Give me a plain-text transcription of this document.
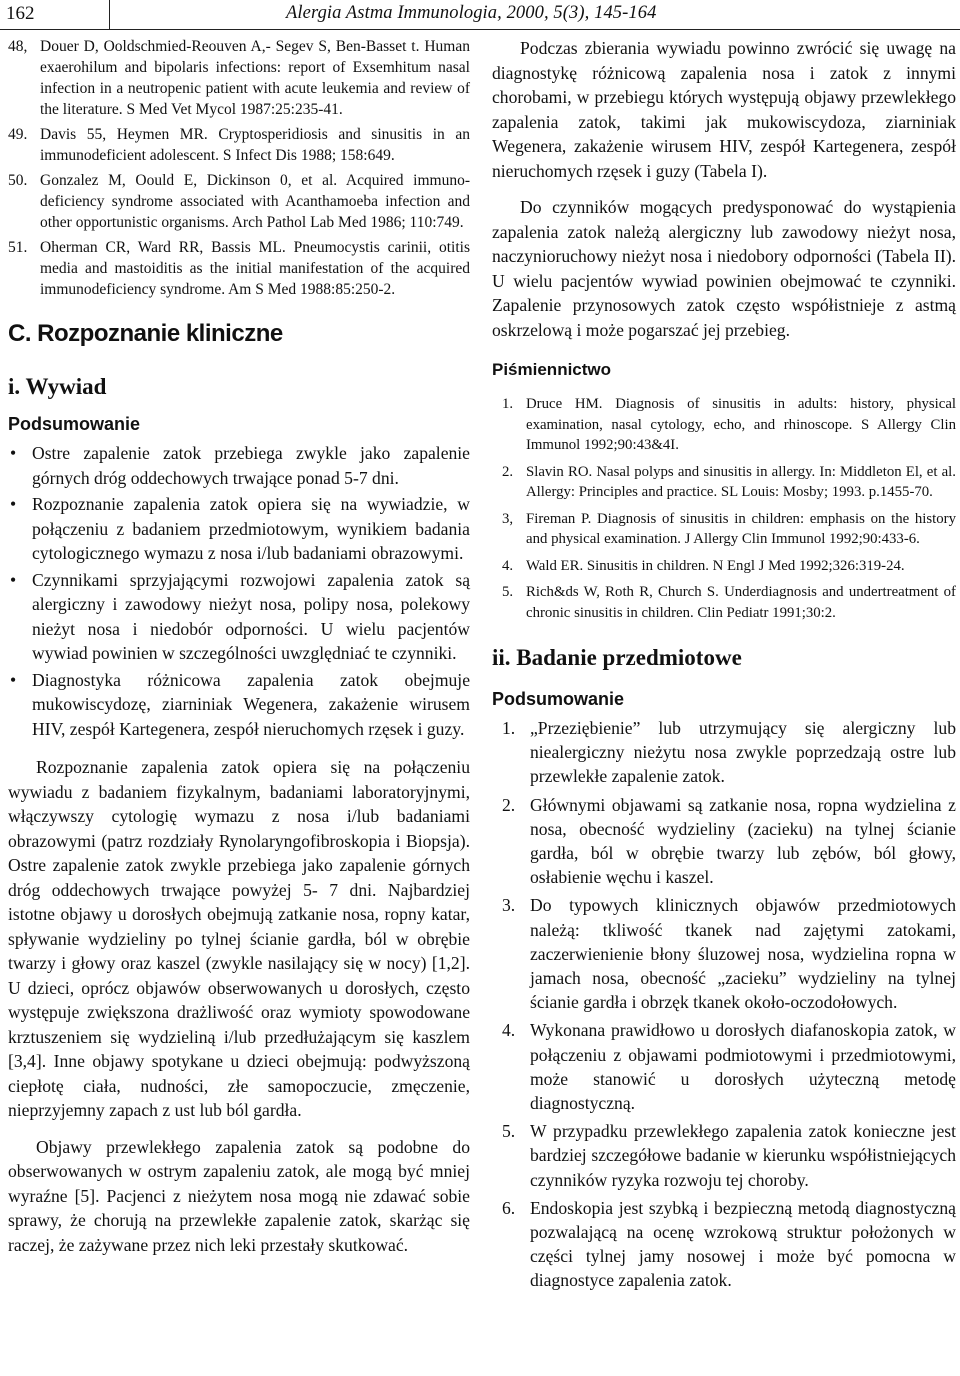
162	Alergia Astma Immunologia, 2000, 5(3), 145-164
48, Douer D, Ooldschmied-Reouven A,- Segev S, Ben-Basset t. Human exaerohilum and bipolaris infections: report of Exsemhitum nasal infection in a neutropenic patient with acute leukemia and review of the literature. S Med Vet Mycol 1987:25:235-41.
49. Davis 55, Heymen MR. Cryptosperidiosis and sinusitis in an immunodeficient adolescent. S Infect Dis 1988; 158:649.
50. Gonzalez M, Oould E, Dickinson 0, et al. Acquired immuno-deficiency syndrome associated with Acanthamoeba infection and other opportunistic organisms. Arch Pathol Lab Med 1986; 110:749.
51. Oherman CR, Ward RR, Bassis ML. Pneumocystis carinii, otitis media and mastoiditis as the initial manifestation of the acquired immunodeficiency syndrome. Am S Med 1988:85:250-2.
C. Rozpoznanie kliniczne
i. Wywiad
Podsumowanie
• Ostre zapalenie zatok przebiega zwykle jako zapalenie górnych dróg oddechowych trwające ponad 5-7 dni.
• Rozpoznanie zapalenia zatok opiera się na wywiadzie, w połączeniu z badaniem przedmiotowym, wynikiem badania cytologicznego wymazu z nosa i/lub badaniami obrazowymi.
• Czynnikami sprzyjającymi rozwojowi zapalenia zatok są alergiczny i zawodowy nieżyt nosa, polipy nosa, polekowy nieżyt nosa i niedobór odporności. U wielu pacjentów wywiad powinien w szczególności uwzględniać te czynniki.
• Diagnostyka różnicowa zapalenia zatok obejmuje mukowiscydozę, ziarniniak Wegenera, zakażenie wirusem HIV, zespół Kartegenera, zespół nieruchomych rzęsek i guzy.

Rozpoznanie zapalenia zatok opiera się na połączeniu wywiadu z badaniem fizykalnym, badaniami laboratoryjnymi, włączywszy cytologię wymazu z nosa i/lub badaniami obrazowymi (patrz rozdziały Rynolaryngofibroskopia i Biopsja). Ostre zapalenie zatok zwykle przebiega jako zapalenie górnych dróg oddechowych trwające powyżej 5- 7 dni. Najbardziej istotne objawy u dorosłych obejmują zatkanie nosa, ropny katar, spływanie wydzieliny po tylnej ścianie gardła, ból w obrębie twarzy i głowy oraz kaszel (zwykle nasilający się w nocy) [1,2]. U dzieci, oprócz objawów obserwowanych u dorosłych, często występuje zwiększona drażliwość oraz wymioty spowodowane krztuszeniem się wydzieliną i/lub przedłużającym się kaszlem [3,4]. Inne objawy spotykane u dzieci obejmują: podwyższoną ciepłotę ciała, nudności, złe samopoczucie, zmęczenie, nieprzyjemny zapach z ust lub ból gardła.

Objawy przewlekłego zapalenia zatok są podobne do obserwowanych w ostrym zapaleniu zatok, ale mogą być mniej wyraźne [5]. Pacjenci z nieżytem nosa mogą nie zdawać sobie sprawy, że chorują na przewlekłe zapalenie zatok, skarżąc się raczej, że zażywane przez nich leki przestały skutkować.

Podczas zbierania wywiadu powinno zwrócić się uwagę na diagnostykę różnicową zapalenia nosa i zatok z innymi chorobami, w przebiegu których występują objawy przewlekłego zapalenia zatok, takimi jak mukowiscydoza, ziarniniak Wegenera, zakażenie wirusem HIV, zespół Kartegenera, zespół nieruchomych rzęsek i guzy (Tabela I).

Do czynników mogących predysponować do wystąpienia zapalenia zatok należą alergiczny lub zawodowy nieżyt nosa, naczynioruchowy nieżyt nosa i niedobory odporności (Tabela II). U wielu pacjentów wywiad powinien obejmować te czynniki. Zapalenie przynosowych zatok często współistnieje z astmą oskrzelową i może pogarszać jej przebieg.

Piśmiennictwo
1. Druce HM. Diagnosis of sinusitis in adults: history, physical examination, nasal cytology, echo, and rhinoscope. S Allergy Clin Immunol 1992;90:43&4I.
2. Slavin RO. Nasal polyps and sinusitis in allergy. In: Middleton El, et al. Allergy: Principles and practice. SL Louis: Mosby; 1993. p.1455-70.
3, Fireman P. Diagnosis of sinusitis in children: emphasis on the history and physical examination. J Allergy Clin Immunol 1992;90:433-6.
4. Wald ER. Sinusitis in children. N Engl J Med 1992;326:319-24.
5. Rich&ds W, Roth R, Church S. Underdiagnosis and undertreatment of chronic sinusitis in children. Clin Pediatr 1991;30:2.
ii. Badanie przedmiotowe
Podsumowanie
1. „Przeziębienie” lub utrzymujący się alergiczny lub niealergiczny nieżytu nosa zwykle poprzedzają ostre lub przewlekłe zapalenie zatok.
2. Głównymi objawami są zatkanie nosa, ropna wydzielina z nosa, obecność wydzieliny (zacieku) na tylnej ścianie gardła, ból w obrębie twarzy lub zębów, ból głowy, osłabienie węchu i kaszel.
3. Do typowych klinicznych objawów przedmiotowych należą: tkliwość tkanek nad zajętymi zatokami, zaczerwienienie błony śluzowej nosa, wydzielina ropna w jamach nosa, obecność „zacieku” wydzieliny na tylnej ścianie gardła i obrzęk tkanek około-oczodołowych.
4. Wykonana prawidłowo u dorosłych diafanoskopia zatok, w połączeniu z objawami podmiotowymi i przedmiotowymi, może stanowić u dorosłych użyteczną metodę diagnostyczną.
5. W przypadku przewlekłego zapalenia zatok konieczne jest bardziej szczegółowe badanie w kierunku współistniejących czynników ryzyka rozwoju tej choroby.
6. Endoskopia jest szybką i bezpieczną metodą diagnostyczną pozwalającą na ocenę wzrokową struktur położonych w części tylnej jamy nosowej i może być pomocna w diagnostyce zapalenia zatok.
